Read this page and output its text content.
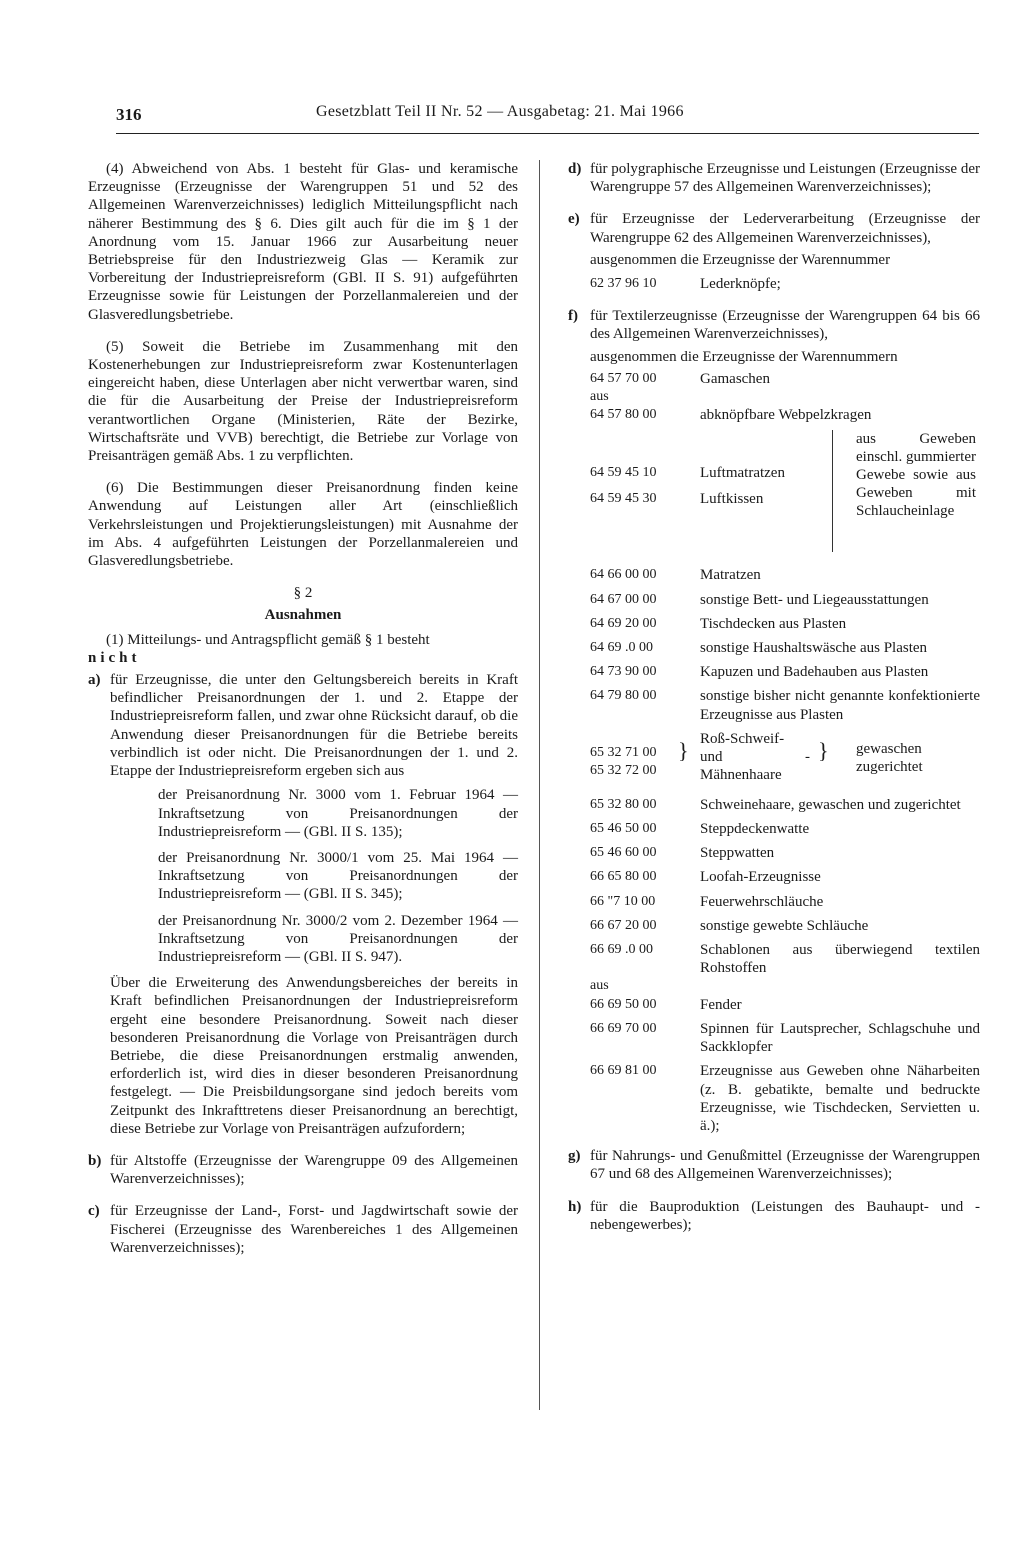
316	Gesetzblatt Teil II Nr. 52 — Ausgabetag: 21. Mai 1966

(4) Abweichend von Abs. 1 besteht für Glas- und keramische Erzeugnisse (Erzeugnisse der Warengruppen 51 und 52 des Allgemeinen Warenverzeichnisses) lediglich Mitteilungspflicht nach näherer Bestimmung des § 6. Dies gilt auch für die im § 1 der Anordnung vom 15. Januar 1966 zur Ausarbeitung neuer Betriebspreise für den Industriezweig Glas — Keramik zur Vorbereitung der Industriepreisreform (GBl. II S. 91) aufgeführten Erzeugnisse sowie für Leistungen der Porzellanmalereien und der Glasveredlungsbetriebe.

(5) Soweit die Betriebe im Zusammenhang mit den Kostenerhebungen zur Industriepreisreform zwar Kostenunterlagen eingereicht haben, diese Unterlagen aber nicht verwertbar waren, sind die für die Ausarbeitung der Preise der Industriepreisreform verantwortlichen Organe (Ministerien, Räte der Bezirke, Wirtschaftsräte und VVB) berechtigt, die Betriebe zur Vorlage von Preisanträgen gemäß Abs. 1 zu verpflichten.

(6) Die Bestimmungen dieser Preisanordnung finden keine Anwendung auf Leistungen aller Art (einschließlich Verkehrsleistungen und Projektierungsleistungen) mit Ausnahme der im Abs. 4 aufgeführten Leistungen der Porzellanmalereien und Glasveredlungsbetriebe.

§ 2

Ausnahmen

(1) Mitteilungs- und Antragspflicht gemäß § 1 besteht

nicht

a) für Erzeugnisse, die unter den Geltungsbereich bereits in Kraft befindlicher Preisanordnungen der 1. und 2. Etappe der Industriepreisreform fallen, und zwar ohne Rücksicht darauf, ob die Anwendung dieser Preisanordnungen für die Betriebe bereits verbindlich ist oder nicht. Die Preisanordnungen der 1. und 2. Etappe der Industriepreisreform ergeben sich aus

der Preisanordnung Nr. 3000 vom 1. Februar 1964 — Inkraftsetzung von Preisanordnungen der Industriepreisreform — (GBl. II S. 135);

der Preisanordnung Nr. 3000/1 vom 25. Mai 1964 — Inkraftsetzung von Preisanordnungen der Industriepreisreform — (GBl. II S. 345);

der Preisanordnung Nr. 3000/2 vom 2. Dezember 1964 — Inkraftsetzung von Preisanordnungen der Industriepreisreform — (GBl. II S. 947).

Über die Erweiterung des Anwendungsbereiches der bereits in Kraft befindlichen Preisanordnungen der Industriepreisreform ergeht eine besondere Preisanordnung. Soweit nach dieser besonderen Preisanordnung die Vorlage von Preisanträgen durch Betriebe, die diese Preisanordnungen erstmalig anwenden, erforderlich ist, wird dies in dieser besonderen Preisanordnung festgelegt. — Die Preisbildungsorgane sind jedoch bereits vom Zeitpunkt des Inkrafttretens dieser Preisanordnung an berechtigt, diese Betriebe zur Vorlage von Preisanträgen aufzufordern;

b) für Altstoffe (Erzeugnisse der Warengruppe 09 des Allgemeinen Warenverzeichnisses);
c) für Erzeugnisse der Land-, Forst- und Jagdwirtschaft sowie der Fischerei (Erzeugnisse des Warenbereiches 1 des Allgemeinen Warenverzeichnisses);
d) für polygraphische Erzeugnisse und Leistungen (Erzeugnisse der Warengruppe 57 des Allgemeinen Warenverzeichnisses);
e) für Erzeugnisse der Lederverarbeitung (Erzeugnisse der Warengruppe 62 des Allgemeinen Warenverzeichnisses),

ausgenommen die Erzeugnisse der Warennummer

62 37 96 10	Lederknöpfe;
f) für Textilerzeugnisse (Erzeugnisse der Warengruppen 64 bis 66 des Allgemeinen Warenverzeichnisses),

ausgenommen die Erzeugnisse der Warennummern

64 57 70 00	Gamaschen
aus
64 57 80 00	abknöpfbare Webpelzkragen
64 59 45 10	Luftmatratzen
64 59 45 30	Luftkissen
aus Geweben einschl. gummierter Gewebe sowie aus Geweben mit Schlaucheinlage
64 66 00 00	Matratzen
64 67 00 00	sonstige Bett- und Liegeausstattungen
64 69 20 00	Tischdecken aus Plasten
64 69 .0 00	sonstige Haushaltswäsche aus Plasten
64 73 90 00	Kapuzen und Badehauben aus Plasten
64 79 80 00	sonstige bisher nicht genannte konfektionierte Erzeugnisse aus Plasten
65 32 71 00
65 32 72 00
} Roß-Schweif- und -Mähnenhaare
} gewaschen zugerichtet
65 32 80 00	Schweinehaare, gewaschen und zugerichtet
65 46 50 00	Steppdeckenwatte
65 46 60 00	Steppwatten
66 65 80 00	Loofah-Erzeugnisse
66 "7 10 00	Feuerwehrschläuche
66 67 20 00	sonstige gewebte Schläuche
66 69 .0 00	Schablonen aus überwiegend textilen Rohstoffen
aus
66 69 50 00	Fender
66 69 70 00	Spinnen für Lautsprecher, Schlagschuhe und Sackklopfer
66 69 81 00	Erzeugnisse aus Geweben ohne Näharbeiten (z. B. gebatikte, bemalte und bedruckte Erzeugnisse, wie Tischdecken, Servietten u. ä.);
g) für Nahrungs- und Genußmittel (Erzeugnisse der Warengruppen 67 und 68 des Allgemeinen Warenverzeichnisses);
h) für die Bauproduktion (Leistungen des Bauhaupt- und -nebengewerbes);
